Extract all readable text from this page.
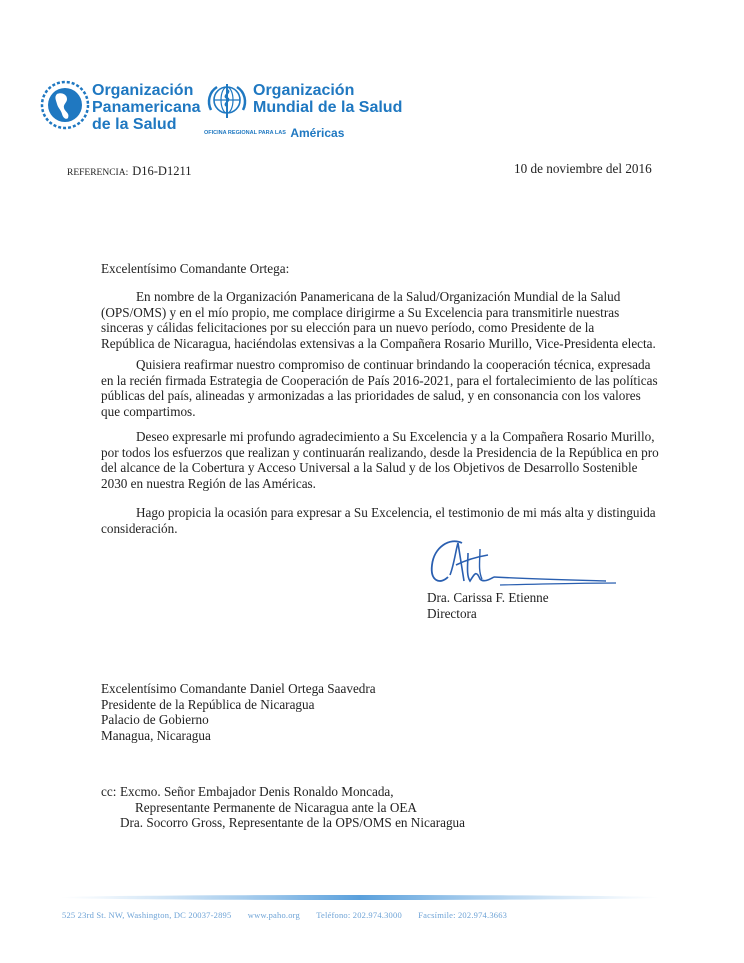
Organización
Panamericana
de la Salud
Organización
Mundial de la Salud
OFICINA REGIONAL PARA LAS Américas
REFERENCIA: D16-D1211	10 de noviembre del 2016
Excelentísimo Comandante Ortega:
En nombre de la Organización Panamericana de la Salud/Organización Mundial de la Salud
(OPS/OMS) y en el mío propio, me complace dirigirme a Su Excelencia para transmitirle nuestras
sinceras y cálidas felicitaciones por su elección para un nuevo período, como Presidente de la
República de Nicaragua, haciéndolas extensivas a la Compañera Rosario Murillo, Vice-Presidenta electa.
Quisiera reafirmar nuestro compromiso de continuar brindando la cooperación técnica, expresada
en la recién firmada Estrategia de Cooperación de País 2016-2021, para el fortalecimiento de las políticas
públicas del país, alineadas y armonizadas a las prioridades de salud, y en consonancia con los valores
que compartimos.
Deseo expresarle mi profundo agradecimiento a Su Excelencia y a la Compañera Rosario Murillo,
por todos los esfuerzos que realizan y continuarán realizando, desde la Presidencia de la República en pro
del alcance de la Cobertura y Acceso Universal a la Salud y de los Objetivos de Desarrollo Sostenible
2030 en nuestra Región de las Américas.
Hago propicia la ocasión para expresar a Su Excelencia, el testimonio de mi más alta y distinguida
consideración.
Dra. Carissa F. Etienne
Directora
Excelentísimo Comandante Daniel Ortega Saavedra
Presidente de la República de Nicaragua
Palacio de Gobierno
Managua, Nicaragua
cc: Excmo. Señor Embajador Denis Ronaldo Moncada,
Representante Permanente de Nicaragua ante la OEA
Dra. Socorro Gross, Representante de la OPS/OMS en Nicaragua
525 23rd St. NW, Washington, DC 20037-2895 www.paho.org Teléfono: 202.974.3000 Facsímile: 202.974.3663
